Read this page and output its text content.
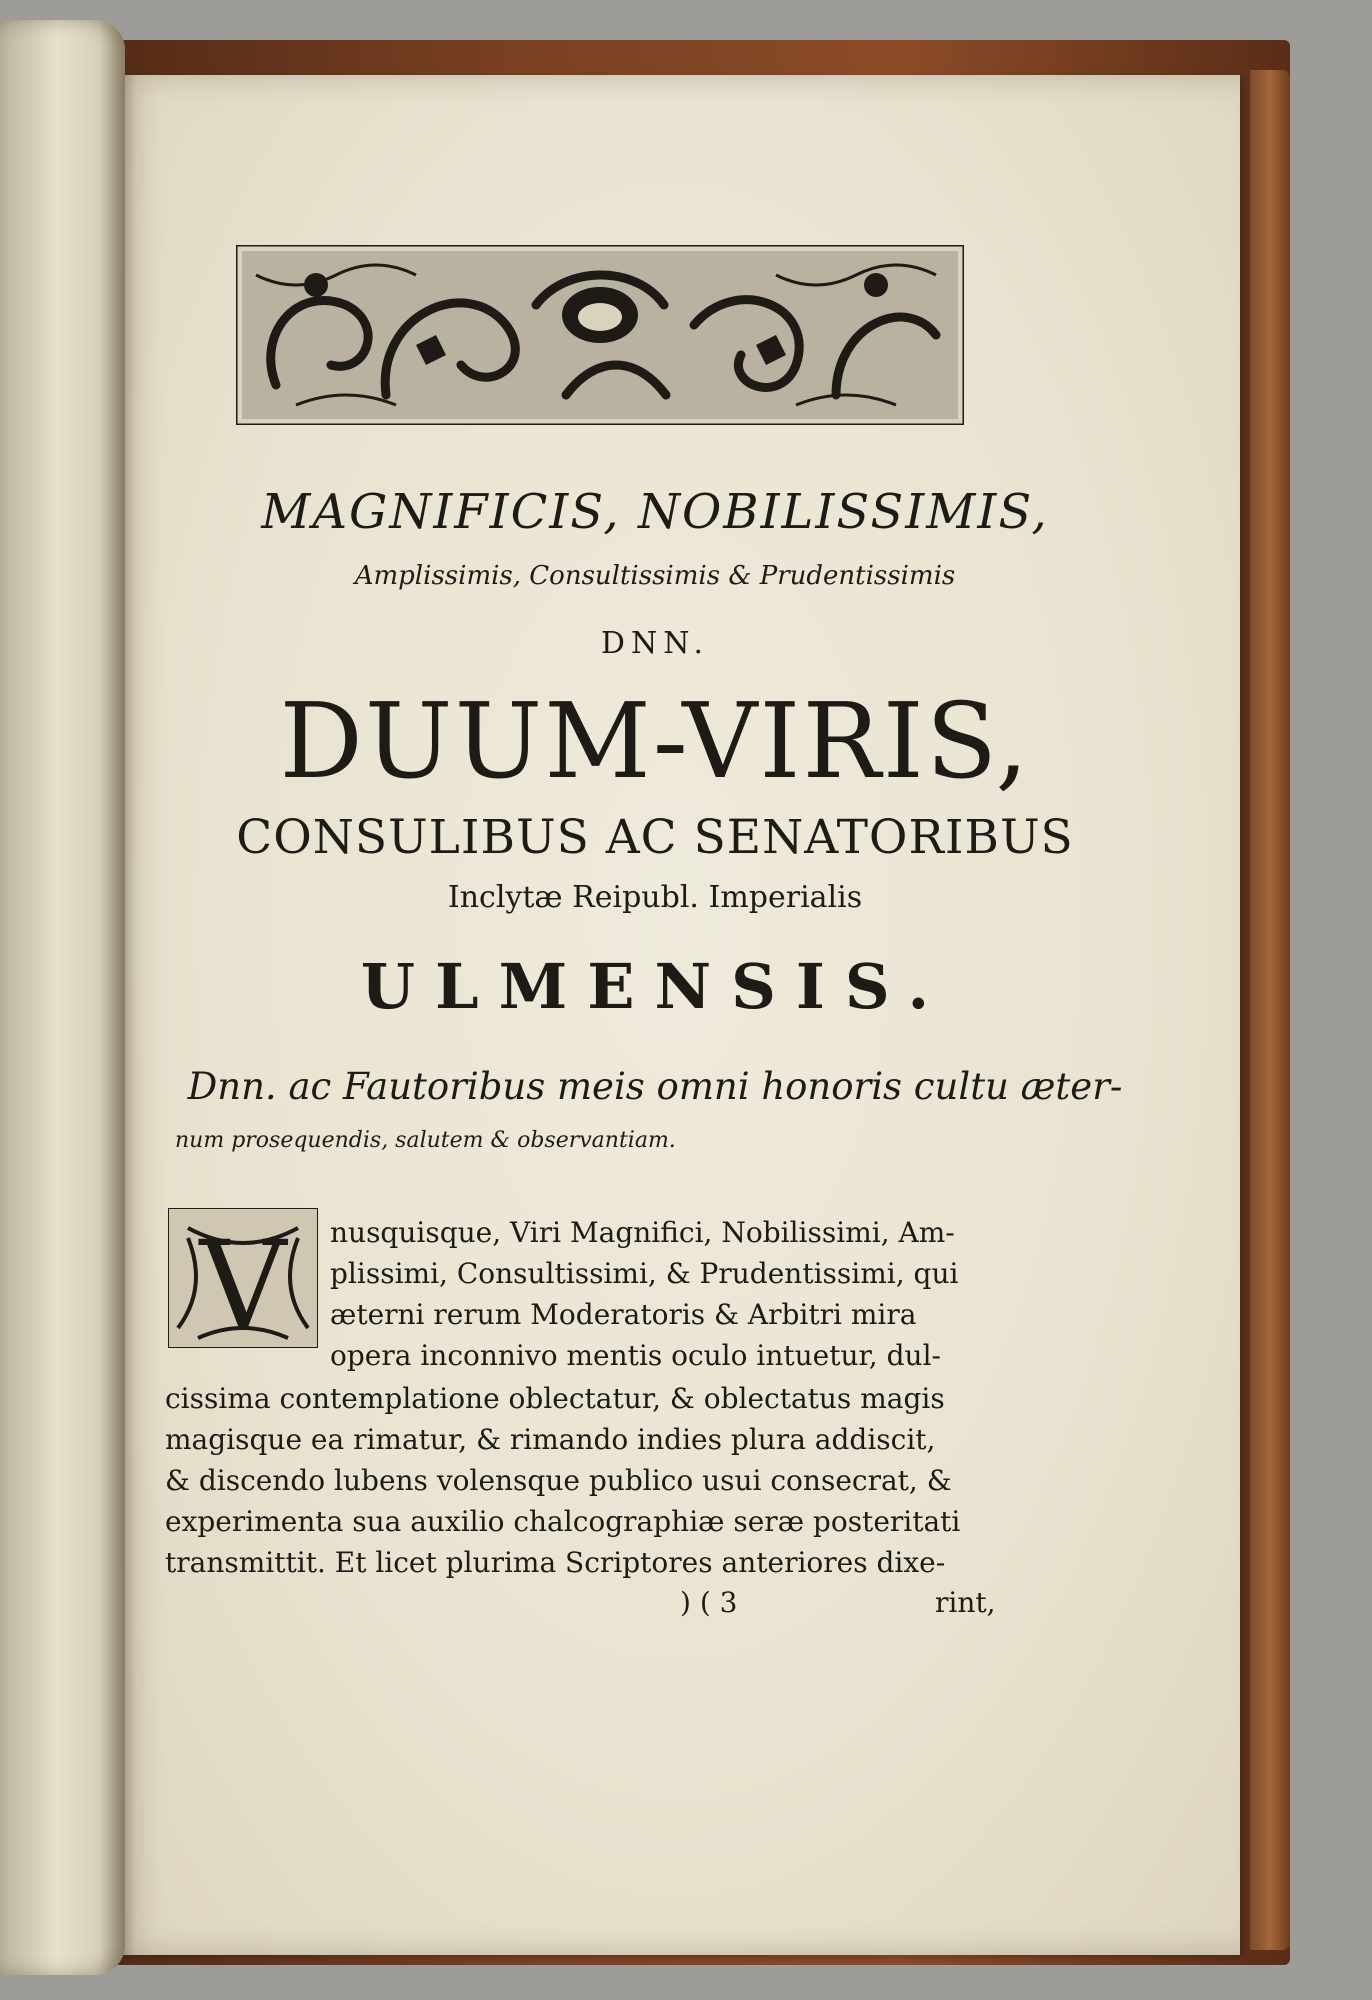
MAGNIFICIS, NOBILISSIMIS,
Amplissimis, Consultissimis & Prudentissimis
DNN.
DUUM-VIRIS,
CONSULIBUS AC SENATORIBUS
Inclytæ Reipubl. Imperialis
ULMENSIS.
Dnn. ac Fautoribus meis omni honoris cultu æter-
num prosequendis, salutem & observantiam.
V nusquisque, Viri Magnifici, Nobilissimi, Am-
plissimi, Consultissimi, & Prudentissimi, qui
æterni rerum Moderatoris & Arbitri mira
opera inconnivo mentis oculo intuetur, dul-
cissima contemplatione oblectatur, & oblectatus magis
magisque ea rimatur, & rimando indies plura addiscit,
& discendo lubens volensque publico usui consecrat, &
experimenta sua auxilio chalcographiæ seræ posteritati
transmittit. Et licet plurima Scriptores anteriores dixe-
) ( 3	rint,
